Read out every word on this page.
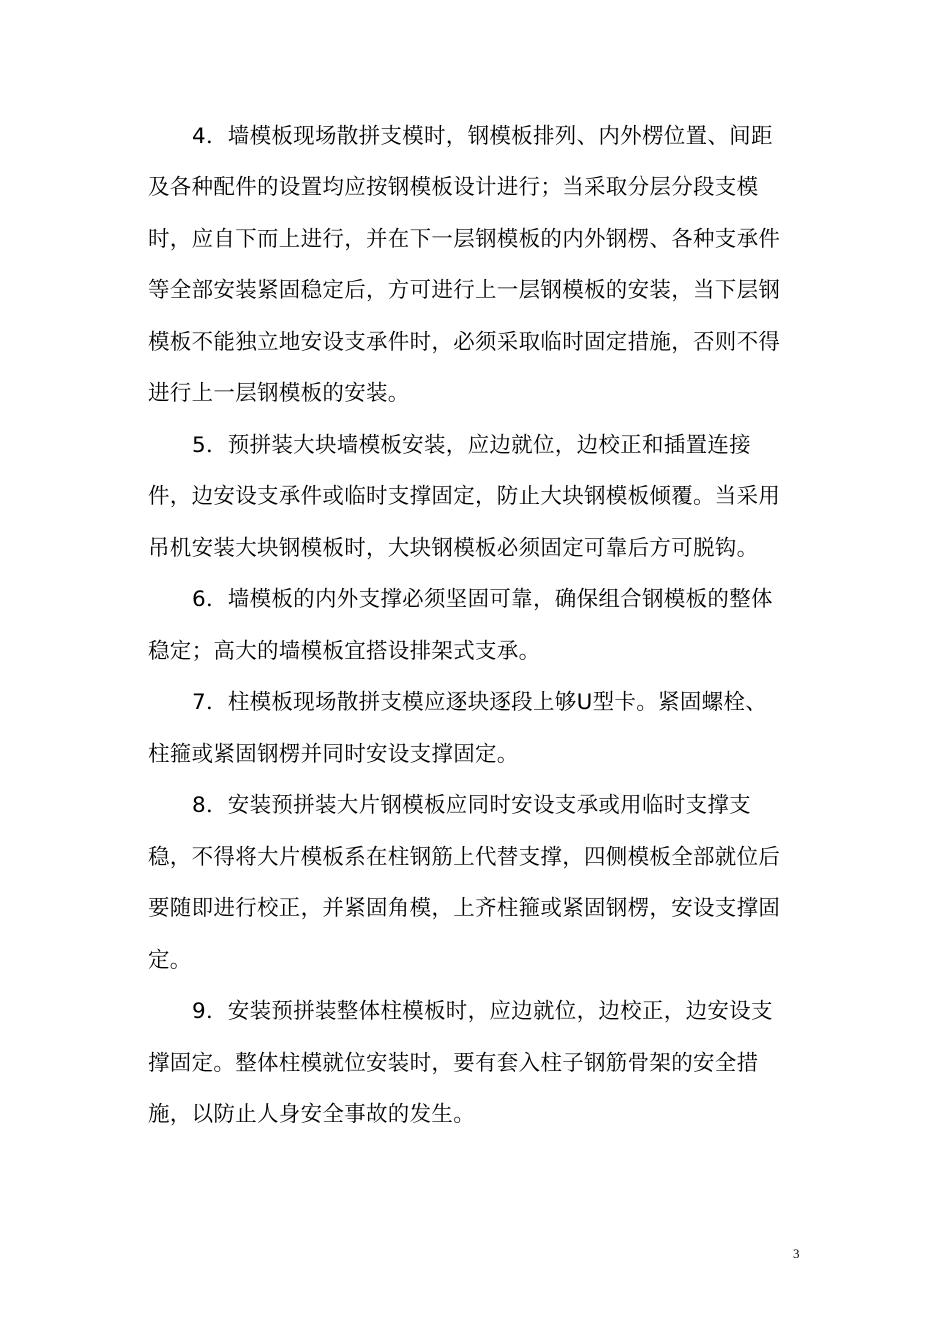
4．墙模板现场散拼支模时，钢模板排列、内外楞位置、间距
及各种配件的设置均应按钢模板设计进行；当采取分层分段支模
时，应自下而上进行，并在下一层钢模板的内外钢楞、各种支承件
等全部安装紧固稳定后，方可进行上一层钢模板的安装，当下层钢
模板不能独立地安设支承件时，必须采取临时固定措施，否则不得
进行上一层钢模板的安装。
5．预拼装大块墙模板安装，应边就位，边校正和插置连接
件，边安设支承件或临时支撑固定，防止大块钢模板倾覆。当采用
吊机安装大块钢模板时，大块钢模板必须固定可靠后方可脱钩。
6．墙模板的内外支撑必须坚固可靠，确保组合钢模板的整体
稳定；高大的墙模板宜搭设排架式支承。
7．柱模板现场散拼支模应逐块逐段上够U型卡。紧固螺栓、
柱箍或紧固钢楞并同时安设支撑固定。
8．安装预拼装大片钢模板应同时安设支承或用临时支撑支
稳，不得将大片模板系在柱钢筋上代替支撑，四侧模板全部就位后
要随即进行校正，并紧固角模，上齐柱箍或紧固钢楞，安设支撑固
定。
9．安装预拼装整体柱模板时，应边就位，边校正，边安设支
撑固定。整体柱模就位安装时，要有套入柱子钢筋骨架的安全措
施，以防止人身安全事故的发生。
3
